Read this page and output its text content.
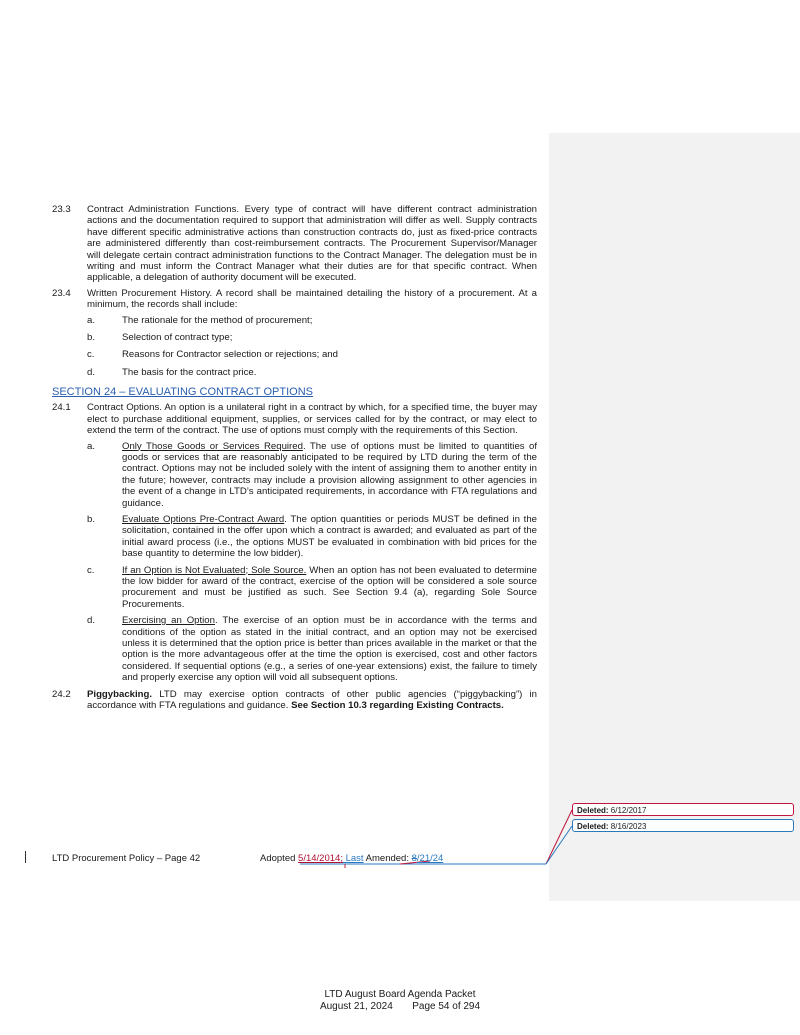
23.3 Contract Administration Functions. Every type of contract will have different contract administration actions and the documentation required to support that administration will differ as well. Supply contracts have different specific administrative actions than construction contracts do, just as fixed-price contracts are administered differently than cost-reimbursement contracts. The Procurement Supervisor/Manager will delegate certain contract administration functions to the Contract Manager. The delegation must be in writing and must inform the Contract Manager what their duties are for that specific contract. When applicable, a delegation of authority document will be executed.
23.4 Written Procurement History. A record shall be maintained detailing the history of a procurement. At a minimum, the records shall include:
a.	The rationale for the method of procurement;
b.	Selection of contract type;
c.	Reasons for Contractor selection or rejections; and
d.	The basis for the contract price.
SECTION 24 – EVALUATING CONTRACT OPTIONS
24.1 Contract Options. An option is a unilateral right in a contract by which, for a specified time, the buyer may elect to purchase additional equipment, supplies, or services called for by the contract, or may elect to extend the term of the contract. The use of options must comply with the requirements of this Section.
a.	Only Those Goods or Services Required. The use of options must be limited to quantities of goods or services that are reasonably anticipated to be required by LTD during the term of the contract. Options may not be included solely with the intent of assigning them to another entity in the future; however, contracts may include a provision allowing assignment to other agencies in the event of a change in LTD’s anticipated requirements, in accordance with FTA regulations and guidance.
b.	Evaluate Options Pre-Contract Award. The option quantities or periods MUST be defined in the solicitation, contained in the offer upon which a contract is awarded; and evaluated as part of the initial award process (i.e., the options MUST be evaluated in combination with bid prices for the base quantity to determine the low bidder).
c.	If an Option is Not Evaluated; Sole Source. When an option has not been evaluated to determine the low bidder for award of the contract, exercise of the option will be considered a sole source procurement and must be justified as such. See Section 9.4 (a), regarding Sole Source Procurements.
d.	Exercising an Option. The exercise of an option must be in accordance with the terms and conditions of the option as stated in the initial contract, and an option may not be exercised unless it is determined that the option price is better than prices available in the market or that the option is the more advantageous offer at the time the option is exercised, cost and other factors considered. If sequential options (e.g., a series of one-year extensions) exist, the failure to timely and properly exercise any option will void all subsequent options.
24.2 Piggybacking. LTD may exercise option contracts of other public agencies (“piggybacking”) in accordance with FTA regulations and guidance. See Section 10.3 regarding Existing Contracts.
LTD Procurement Policy – Page 42	Adopted 5/14/2014; Last Amended: 8/21/24
Deleted: 6/12/2017
Deleted: 8/16/2023
LTD August Board Agenda Packet
August 21, 2024       Page 54 of 294
